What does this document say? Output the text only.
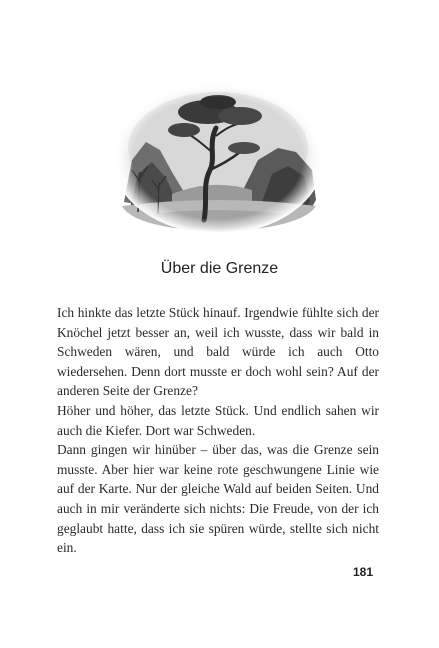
Über die Grenze

Ich hinkte das letzte Stück hinauf. Irgendwie fühlte sich der Knöchel jetzt besser an, weil ich wusste, dass wir bald in Schweden wären, und bald würde ich auch Otto wiedersehen. Denn dort musste er doch wohl sein? Auf der anderen Seite der Grenze?

Höher und höher, das letzte Stück. Und endlich sahen wir auch die Kiefer. Dort war Schweden.

Dann gingen wir hinüber – über das, was die Grenze sein musste. Aber hier war keine rote geschwungene Linie wie auf der Karte. Nur der gleiche Wald auf beiden Seiten. Und auch in mir veränderte sich nichts: Die Freude, von der ich geglaubt hatte, dass ich sie spüren würde, stellte sich nicht ein.

181
